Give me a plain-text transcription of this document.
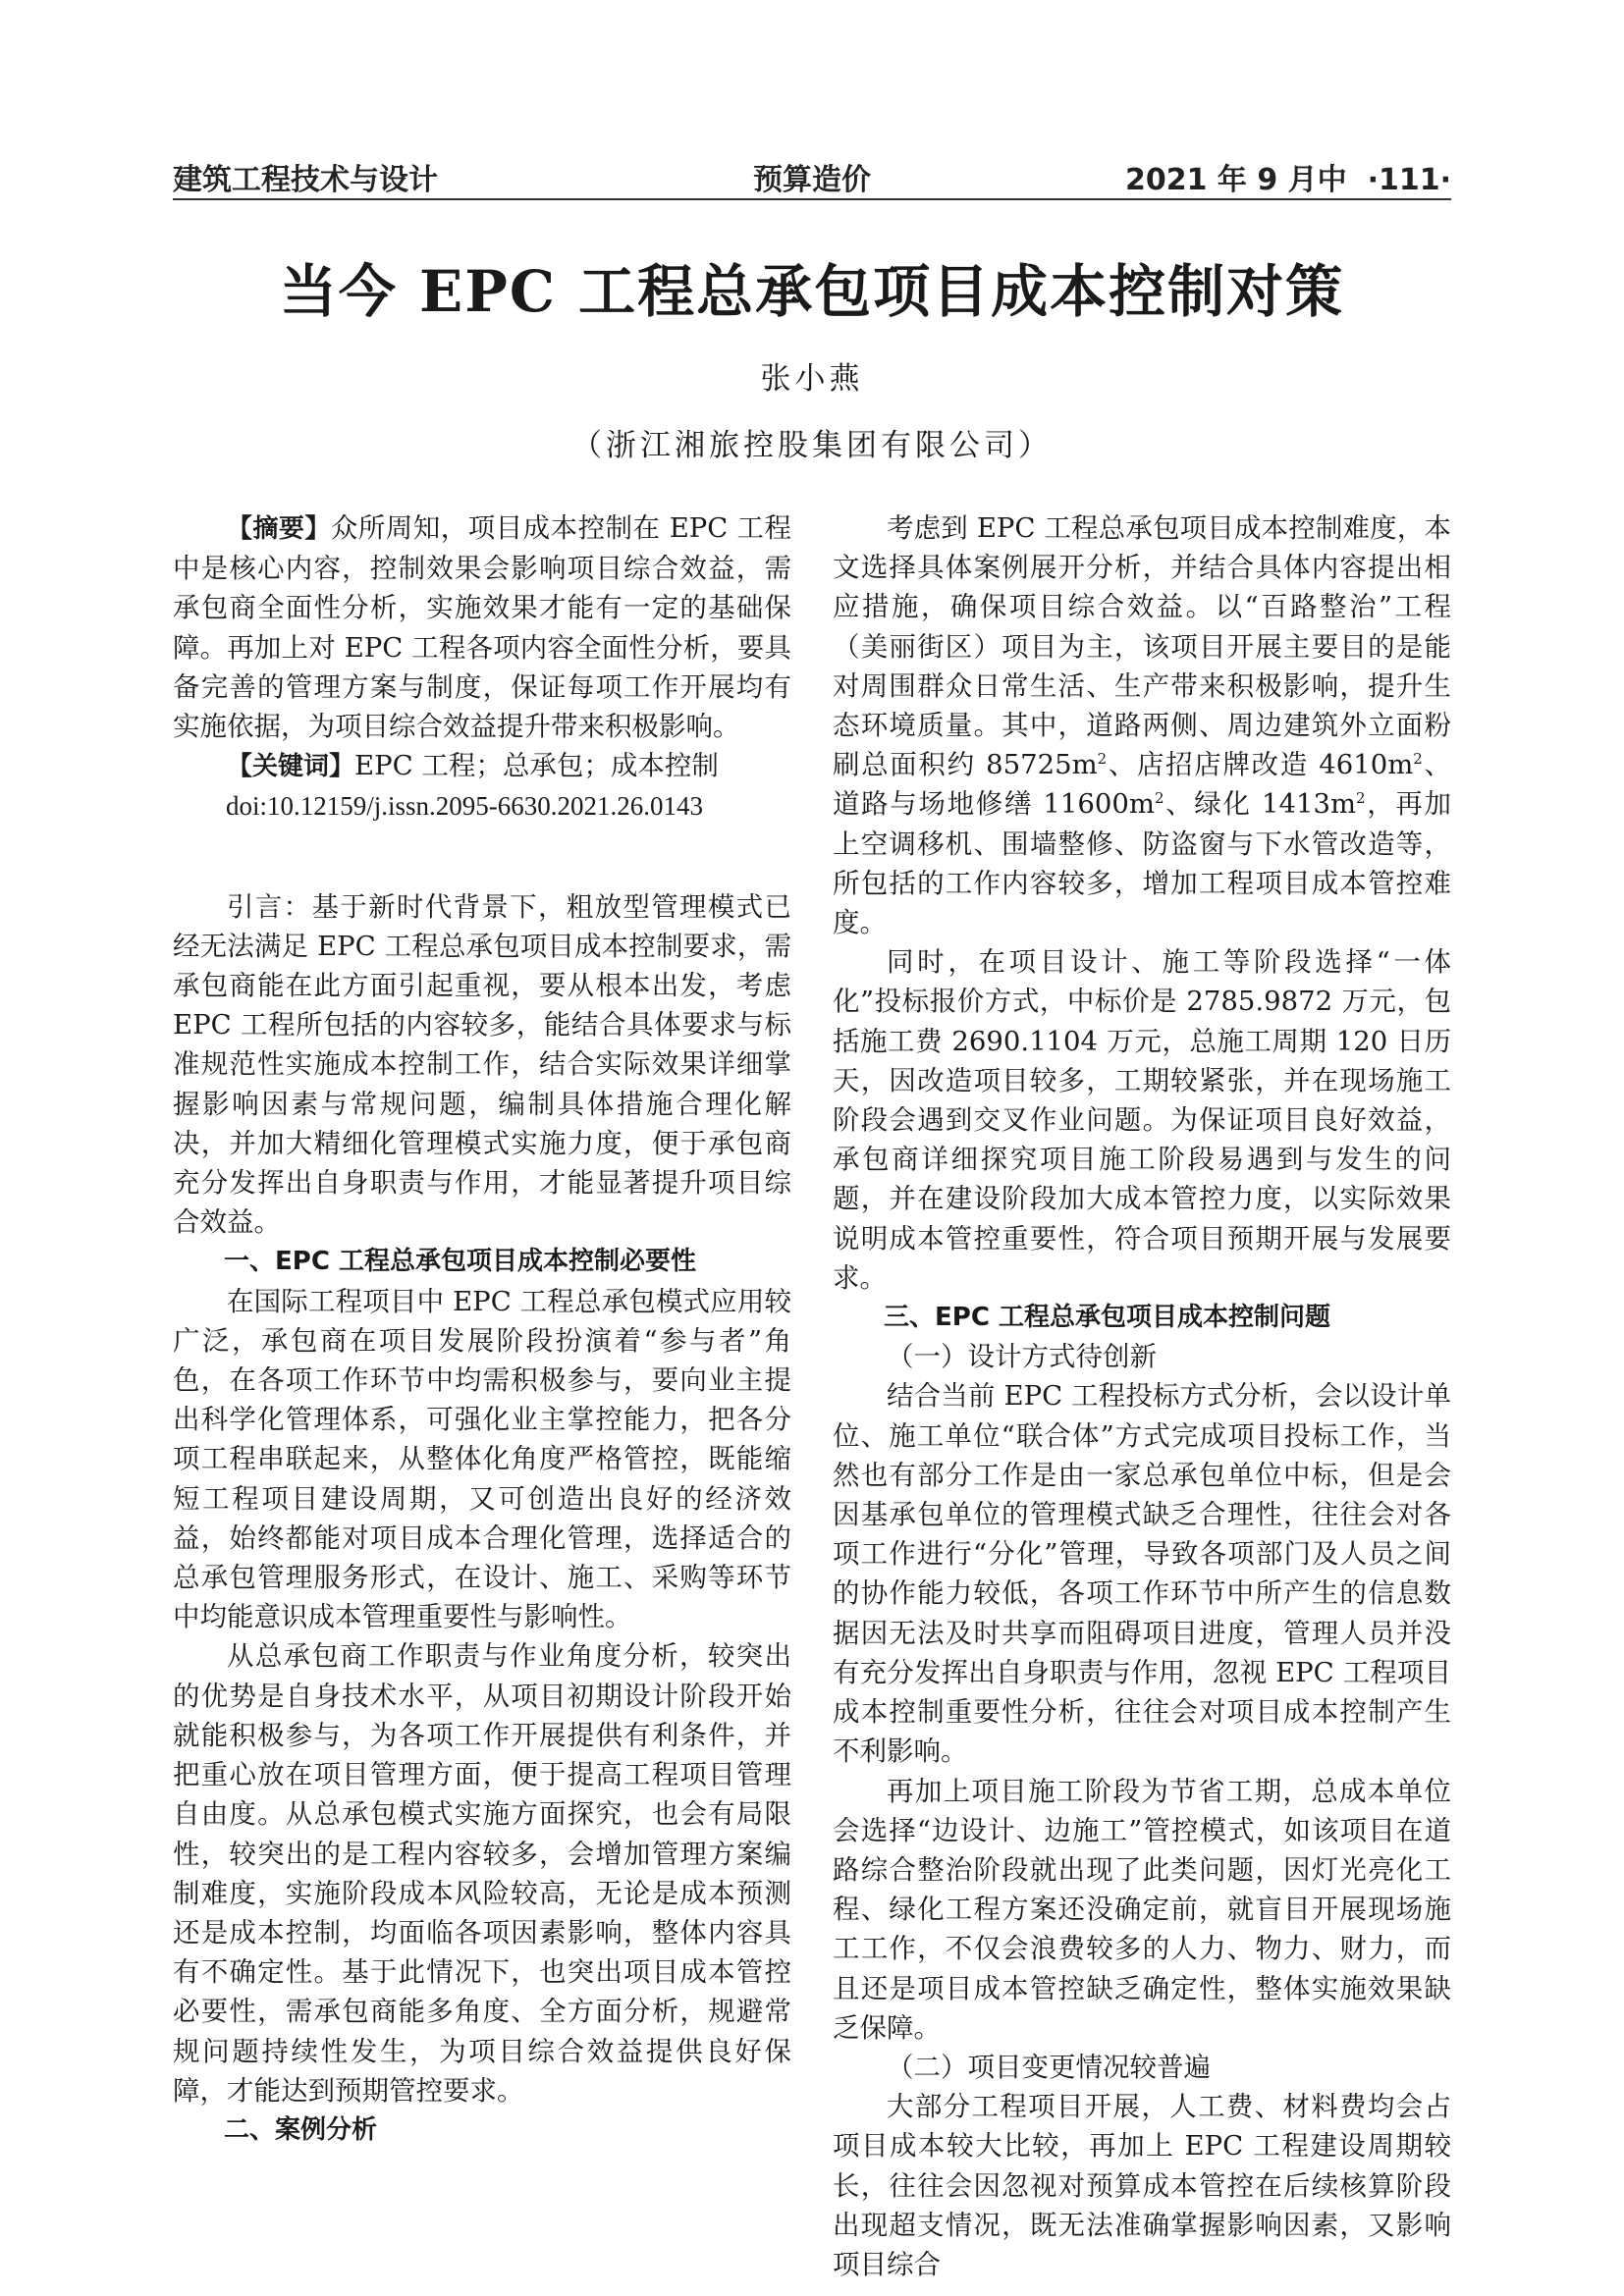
建筑工程技术与设计	预算造价	2021 年 9 月中 ·111·
当今 EPC 工程总承包项目成本控制对策
张小燕
（浙江湘旅控股集团有限公司）

【摘要】众所周知，项目成本控制在 EPC 工程中是核心内容，控制效果会影响项目综合效益，需承包商全面性分析，实施效果才能有一定的基础保障。再加上对 EPC 工程各项内容全面性分析，要具备完善的管理方案与制度，保证每项工作开展均有实施依据，为项目综合效益提升带来积极影响。

【关键词】EPC 工程；总承包；成本控制

doi:10.12159/j.issn.2095-6630.2021.26.0143

引言：基于新时代背景下，粗放型管理模式已经无法满足 EPC 工程总承包项目成本控制要求，需承包商能在此方面引起重视，要从根本出发，考虑 EPC 工程所包括的内容较多，能结合具体要求与标准规范性实施成本控制工作，结合实际效果详细掌握影响因素与常规问题，编制具体措施合理化解决，并加大精细化管理模式实施力度，便于承包商充分发挥出自身职责与作用，才能显著提升项目综合效益。

一、EPC 工程总承包项目成本控制必要性

在国际工程项目中 EPC 工程总承包模式应用较广泛，承包商在项目发展阶段扮演着“参与者”角色，在各项工作环节中均需积极参与，要向业主提出科学化管理体系，可强化业主掌控能力，把各分项工程串联起来，从整体化角度严格管控，既能缩短工程项目建设周期，又可创造出良好的经济效益，始终都能对项目成本合理化管理，选择适合的总承包管理服务形式，在设计、施工、采购等环节中均能意识成本管理重要性与影响性。

从总承包商工作职责与作业角度分析，较突出的优势是自身技术水平，从项目初期设计阶段开始就能积极参与，为各项工作开展提供有利条件，并把重心放在项目管理方面，便于提高工程项目管理自由度。从总承包模式实施方面探究，也会有局限性，较突出的是工程内容较多，会增加管理方案编制难度，实施阶段成本风险较高，无论是成本预测还是成本控制，均面临各项因素影响，整体内容具有不确定性。基于此情况下，也突出项目成本管控必要性，需承包商能多角度、全方面分析，规避常规问题持续性发生，为项目综合效益提供良好保障，才能达到预期管控要求。

二、案例分析

考虑到 EPC 工程总承包项目成本控制难度，本文选择具体案例展开分析，并结合具体内容提出相应措施，确保项目综合效益。以“百路整治”工程（美丽街区）项目为主，该项目开展主要目的是能对周围群众日常生活、生产带来积极影响，提升生态环境质量。其中，道路两侧、周边建筑外立面粉刷总面积约 $85725m^2$、店招店牌改造 $4610m^2$、道路与场地修缮 $11600m^2$、绿化 $1413m^2$，再加上空调移机、围墙整修、防盗窗与下水管改造等，所包括的工作内容较多，增加工程项目成本管控难度。

同时，在项目设计、施工等阶段选择“一体化”投标报价方式，中标价是 2785.9872 万元，包括施工费 2690.1104 万元，总施工周期 120 日历天，因改造项目较多，工期较紧张，并在现场施工阶段会遇到交叉作业问题。为保证项目良好效益，承包商详细探究项目施工阶段易遇到与发生的问题，并在建设阶段加大成本管控力度，以实际效果说明成本管控重要性，符合项目预期开展与发展要求。

三、EPC 工程总承包项目成本控制问题

（一）设计方式待创新

结合当前 EPC 工程投标方式分析，会以设计单位、施工单位“联合体”方式完成项目投标工作，当然也有部分工作是由一家总承包单位中标，但是会因基承包单位的管理模式缺乏合理性，往往会对各项工作进行“分化”管理，导致各项部门及人员之间的协作能力较低，各项工作环节中所产生的信息数据因无法及时共享而阻碍项目进度，管理人员并没有充分发挥出自身职责与作用，忽视 EPC 工程项目成本控制重要性分析，往往会对项目成本控制产生不利影响。

再加上项目施工阶段为节省工期，总成本单位会选择“边设计、边施工”管控模式，如该项目在道路综合整治阶段就出现了此类问题，因灯光亮化工程、绿化工程方案还没确定前，就盲目开展现场施工工作，不仅会浪费较多的人力、物力、财力，而且还是项目成本管控缺乏确定性，整体实施效果缺乏保障。

（二）项目变更情况较普遍

大部分工程项目开展，人工费、材料费均会占项目成本较大比较，再加上 EPC 工程建设周期较长，往往会因忽视对预算成本管控在后续核算阶段出现超支情况，既无法准确掌握影响因素，又影响项目综合
